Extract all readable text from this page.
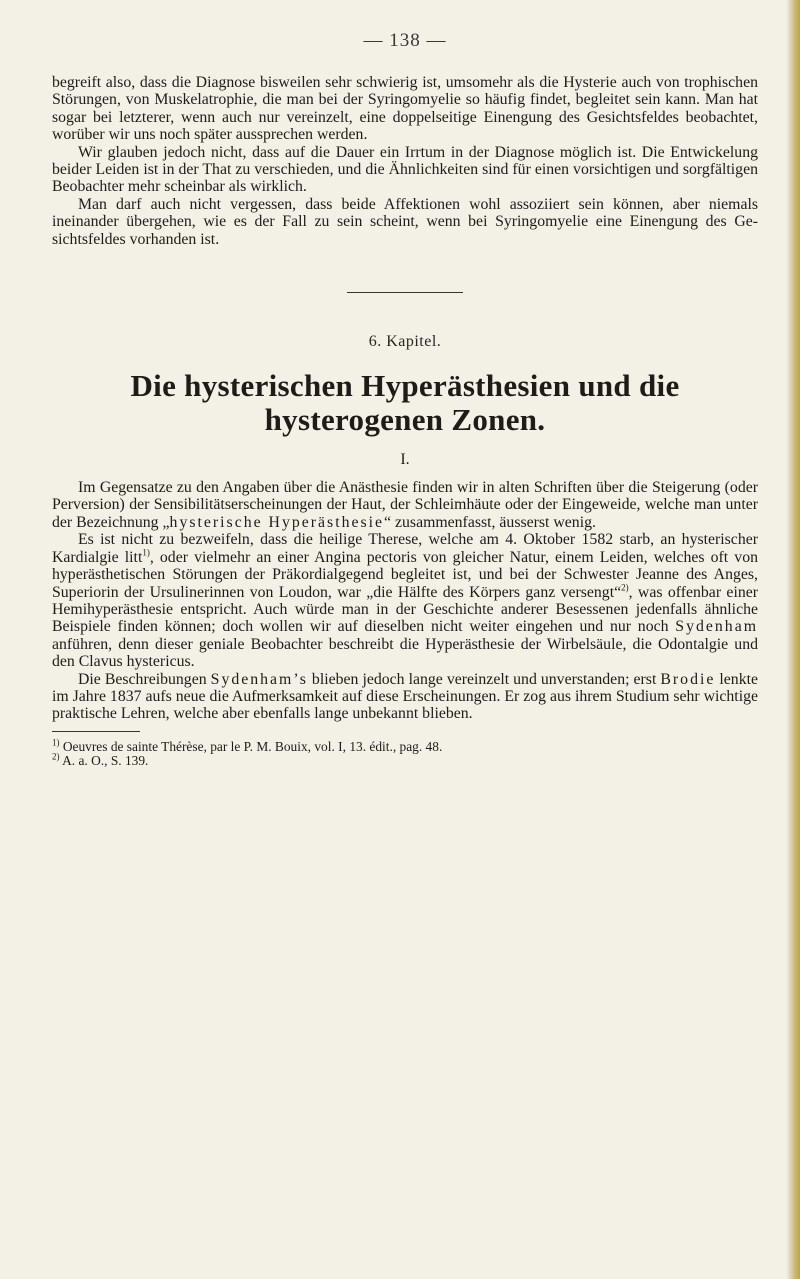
— 138 —

begreift also, dass die Diagnose bisweilen sehr schwierig ist, umsomehr als die Hysterie auch von trophischen Störungen, von Muskelatrophie, die man bei der Syringomyelie so häufig findet, begleitet sein kann. Man hat sogar bei letzterer, wenn auch nur vereinzelt, eine doppelseitige Einengung des Gesichtsfeldes beobachtet, worüber wir uns noch später aussprechen werden.

Wir glauben jedoch nicht, dass auf die Dauer ein Irrtum in der Diagnose möglich ist. Die Entwickelung beider Leiden ist in der That zu verschieden, und die Ähnlichkeiten sind für einen vorsichtigen und sorgfältigen Beobachter mehr scheinbar als wirklich.

Man darf auch nicht vergessen, dass beide Affektionen wohl assoziiert sein können, aber niemals ineinander übergehen, wie es der Fall zu sein scheint, wenn bei Syringomyelie eine Einengung des Gesichtsfeldes vorhanden ist.

6. Kapitel.
Die hysterischen Hyperästhesien und die
hysterogenen Zonen.
I.

Im Gegensatze zu den Angaben über die Anästhesie finden wir in alten Schriften über die Steigerung (oder Perversion) der Sensibilitätserscheinungen der Haut, der Schleimhäute oder der Eingeweide, welche man unter der Bezeichnung „hysterische Hyperästhesie“ zusammenfasst, äusserst wenig.

Es ist nicht zu bezweifeln, dass die heilige Therese, welche am 4. Oktober 1582 starb, an hysterischer Kardialgie litt$^{1)}$, oder vielmehr an einer Angina pectoris von gleicher Natur, einem Leiden, welches oft von hyperästhetischen Störungen der Präkordialgegend begleitet ist, und bei der Schwester Jeanne des Anges, Superiorin der Ursulinerinnen von Loudon, war „die Hälfte des Körpers ganz versengt“$^{2)}$, was offenbar einer Hemihyperästhesie entspricht. Auch würde man in der Geschichte anderer Besessenen jedenfalls ähnliche Beispiele finden können; doch wollen wir auf dieselben nicht weiter eingehen und nur noch Sydenham anführen, denn dieser geniale Beobachter beschreibt die Hyperästhesie der Wirbelsäule, die Odontalgie und den Clavus hystericus.

Die Beschreibungen Sydenham’s blieben jedoch lange vereinzelt und unverstanden; erst Brodie lenkte im Jahre 1837 aufs neue die Aufmerksamkeit auf diese Erscheinungen. Er zog aus ihrem Studium sehr wichtige praktische Lehren, welche aber ebenfalls lange unbekannt blieben.

$^{1)}$ Oeuvres de sainte Thérèse, par le P. M. Bouix, vol. I, 13. édit., pag. 48.
$^{2)}$ A. a. O., S. 139.
